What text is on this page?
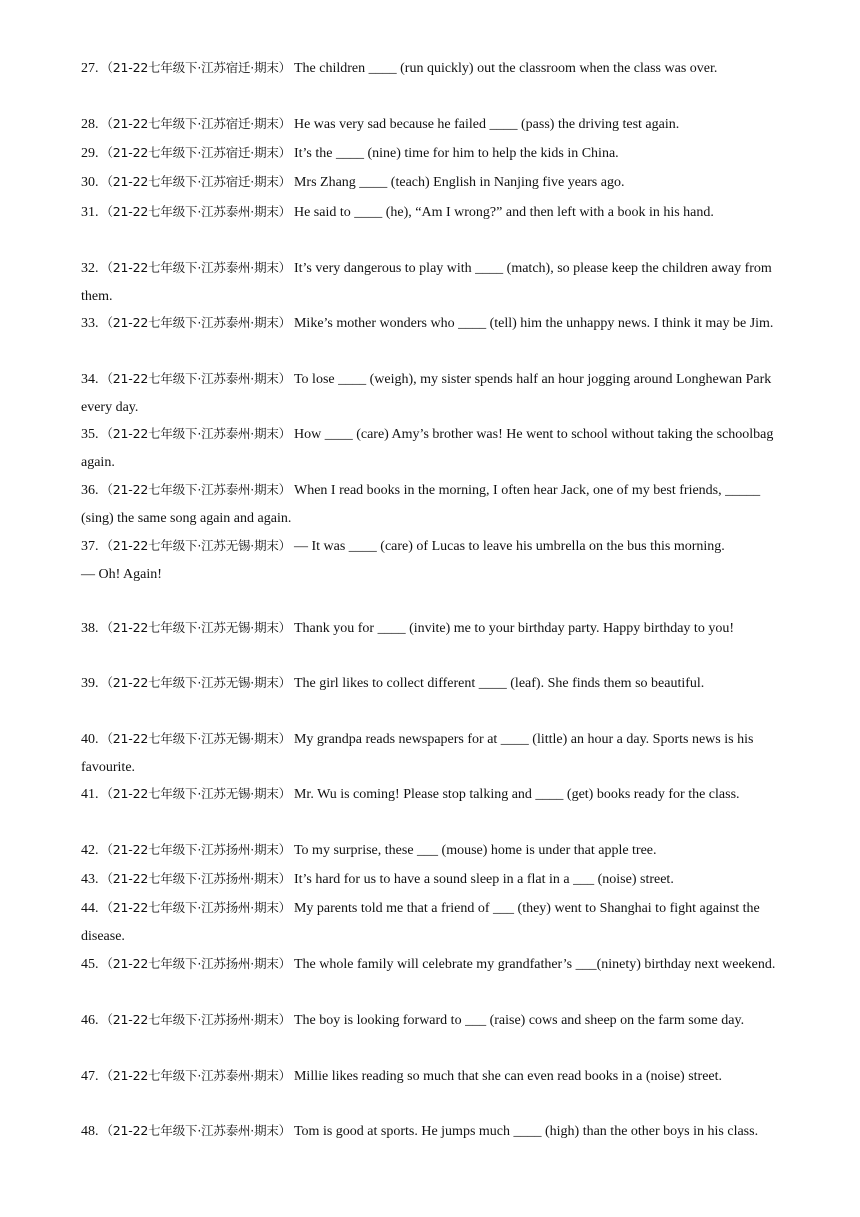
27. （21-22七年级下·江苏宿迁·期末） The children ____ (run quickly) out the classroom when the class was over.
28. （21-22七年级下·江苏宿迁·期末） He was very sad because he failed ____ (pass) the driving test again.
29. （21-22七年级下·江苏宿迁·期末） It’s the ____ (nine) time for him to help the kids in China.
30. （21-22七年级下·江苏宿迁·期末） Mrs Zhang ____ (teach) English in Nanjing five years ago.
31. （21-22七年级下·江苏泰州·期末） He said to ____ (he), “Am I wrong?” and then left with a book in his hand.
32. （21-22七年级下·江苏泰州·期末） It’s very dangerous to play with ____ (match), so please keep the children away from them.
33. （21-22七年级下·江苏泰州·期末） Mike’s mother wonders who ____ (tell) him the unhappy news. I think it may be Jim.
34. （21-22七年级下·江苏泰州·期末） To lose ____ (weigh), my sister spends half an hour jogging around Longhewan Park every day.
35. （21-22七年级下·江苏泰州·期末） How ____ (care) Amy’s brother was! He went to school without taking the schoolbag again.
36. （21-22七年级下·江苏泰州·期末） When I read books in the morning, I often hear Jack, one of my best friends, _____ (sing) the same song again and again.
37. （21-22七年级下·江苏无锡·期末） — It was ____ (care) of Lucas to leave his umbrella on the bus this morning.
— Oh! Again!
38. （21-22七年级下·江苏无锡·期末） Thank you for ____ (invite) me to your birthday party. Happy birthday to you!
39. （21-22七年级下·江苏无锡·期末） The girl likes to collect different ____ (leaf). She finds them so beautiful.
40. （21-22七年级下·江苏无锡·期末） My grandpa reads newspapers for at ____ (little) an hour a day. Sports news is his favourite.
41. （21-22七年级下·江苏无锡·期末） Mr. Wu is coming! Please stop talking and ____ (get) books ready for the class.
42. （21-22七年级下·江苏扬州·期末） To my surprise, these ___ (mouse) home is under that apple tree.
43. （21-22七年级下·江苏扬州·期末） It’s hard for us to have a sound sleep in a flat in a ___ (noise) street.
44. （21-22七年级下·江苏扬州·期末） My parents told me that a friend of ___ (they) went to Shanghai to fight against the disease.
45. （21-22七年级下·江苏扬州·期末） The whole family will celebrate my grandfather’s ___(ninety) birthday next weekend.
46. （21-22七年级下·江苏扬州·期末） The boy is looking forward to ___ (raise) cows and sheep on the farm some day.
47. （21-22七年级下·江苏泰州·期末） Millie likes reading so much that she can even read books in a (noise) street.
48. （21-22七年级下·江苏泰州·期末） Tom is good at sports. He jumps much ____ (high) than the other boys in his class.
